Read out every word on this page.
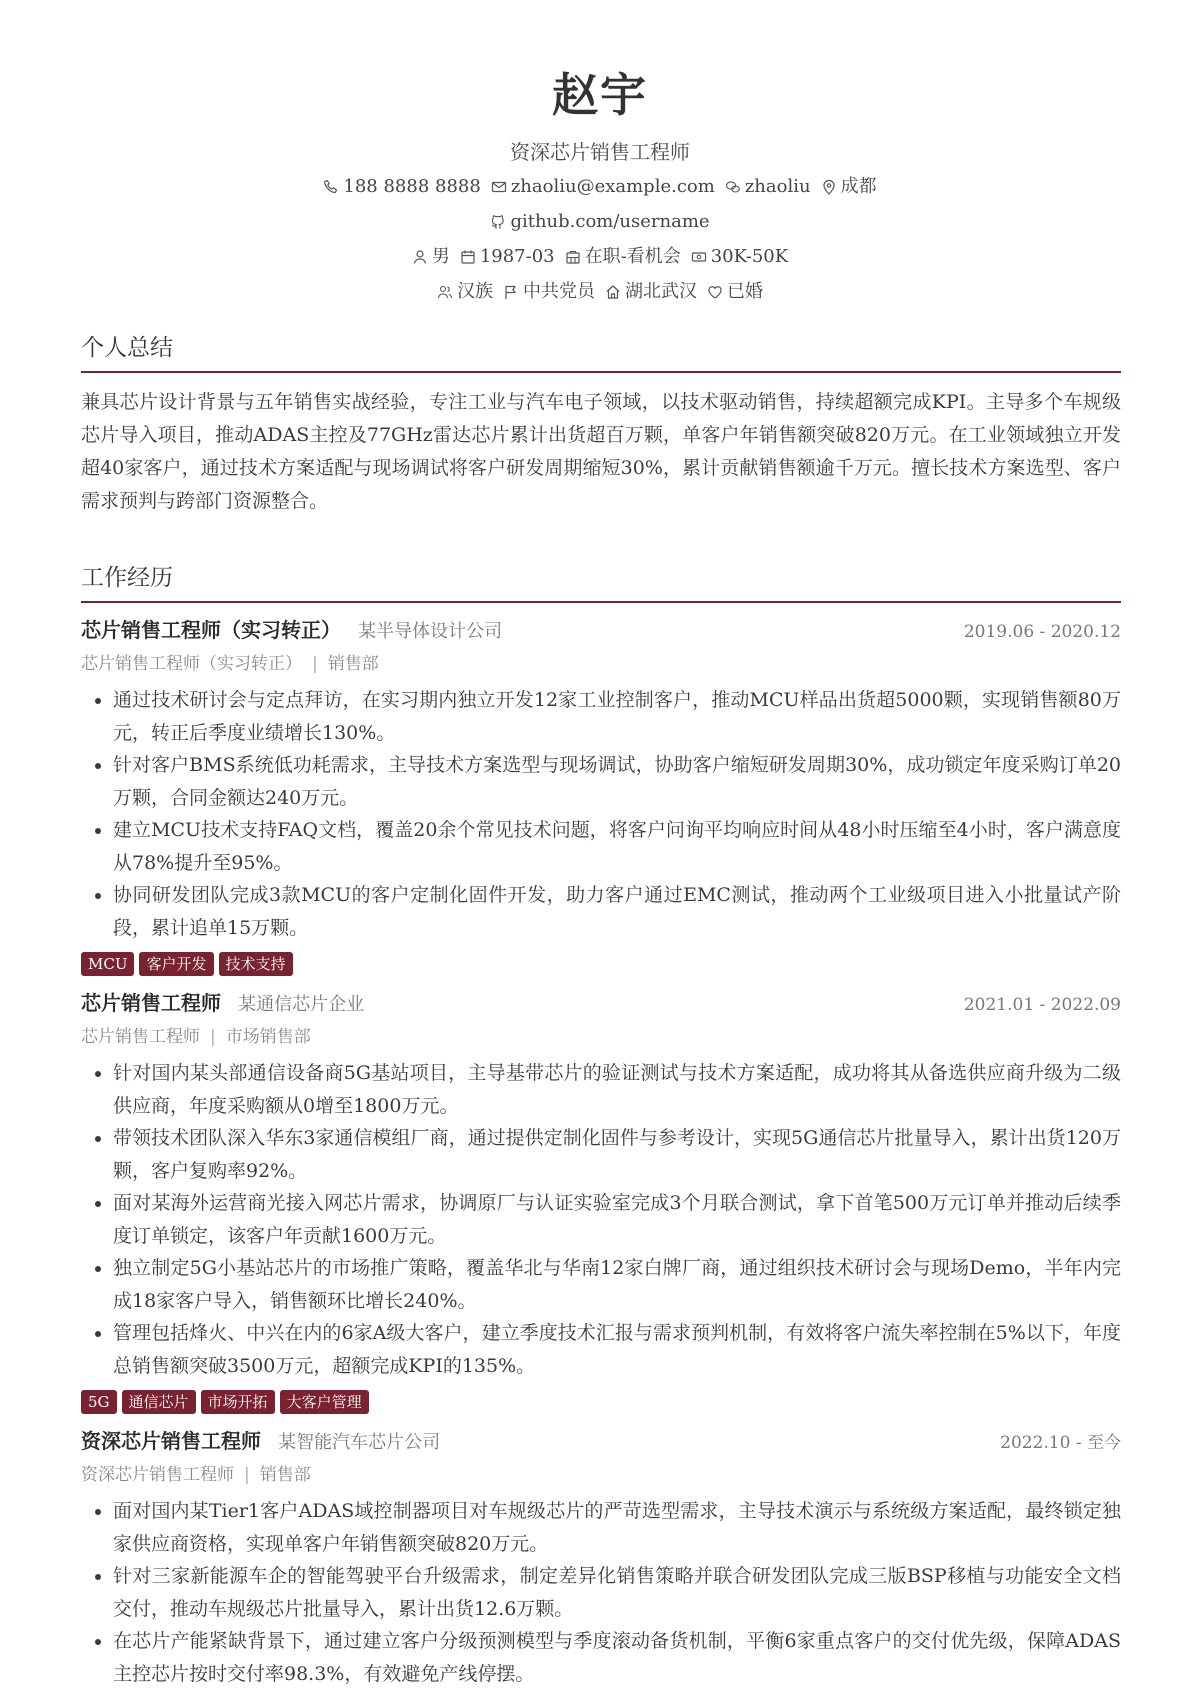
赵宇
资深芯片销售工程师
188 8888 8888 zhaoliu@example.com zhaoliu 成都
github.com/username
男 1987-03 在职-看机会 30K-50K
汉族 中共党员 湖北武汉 已婚
个人总结
兼具芯片设计背景与五年销售实战经验，专注工业与汽车电子领域，以技术驱动销售，持续超额完成KPI。主导多个车规级芯片导入项目，推动ADAS主控及77GHz雷达芯片累计出货超百万颗，单客户年销售额突破820万元。在工业领域独立开发超40家客户，通过技术方案适配与现场调试将客户研发周期缩短30%，累计贡献销售额逾千万元。擅长技术方案选型、客户需求预判与跨部门资源整合。
工作经历
芯片销售工程师（实习转正） 某半导体设计公司	2019.06 - 2020.12
芯片销售工程师（实习转正） | 销售部
• 通过技术研讨会与定点拜访，在实习期内独立开发12家工业控制客户，推动MCU样品出货超5000颗，实现销售额80万元，转正后季度业绩增长130%。
• 针对客户BMS系统低功耗需求，主导技术方案选型与现场调试，协助客户缩短研发周期30%，成功锁定年度采购订单20万颗，合同金额达240万元。
• 建立MCU技术支持FAQ文档，覆盖20余个常见技术问题，将客户问询平均响应时间从48小时压缩至4小时，客户满意度从78%提升至95%。
• 协同研发团队完成3款MCU的客户定制化固件开发，助力客户通过EMC测试，推动两个工业级项目进入小批量试产阶段，累计追单15万颗。
MCU	客户开发	技术支持
芯片销售工程师 某通信芯片企业	2021.01 - 2022.09
芯片销售工程师 | 市场销售部
• 针对国内某头部通信设备商5G基站项目，主导基带芯片的验证测试与技术方案适配，成功将其从备选供应商升级为二级供应商，年度采购额从0增至1800万元。
• 带领技术团队深入华东3家通信模组厂商，通过提供定制化固件与参考设计，实现5G通信芯片批量导入，累计出货120万颗，客户复购率92%。
• 面对某海外运营商光接入网芯片需求，协调原厂与认证实验室完成3个月联合测试，拿下首笔500万元订单并推动后续季度订单锁定，该客户年贡献1600万元。
• 独立制定5G小基站芯片的市场推广策略，覆盖华北与华南12家白牌厂商，通过组织技术研讨会与现场Demo，半年内完成18家客户导入，销售额环比增长240%。
• 管理包括烽火、中兴在内的6家A级大客户，建立季度技术汇报与需求预判机制，有效将客户流失率控制在5%以下，年度总销售额突破3500万元，超额完成KPI的135%。
5G	通信芯片	市场开拓	大客户管理
资深芯片销售工程师 某智能汽车芯片公司	2022.10 - 至今
资深芯片销售工程师 | 销售部
• 面对国内某Tier1客户ADAS域控制器项目对车规级芯片的严苛选型需求，主导技术演示与系统级方案适配，最终锁定独家供应商资格，实现单客户年销售额突破820万元。
• 针对三家新能源车企的智能驾驶平台升级需求，制定差异化销售策略并联合研发团队完成三版BSP移植与功能安全文档交付，推动车规级芯片批量导入，累计出货12.6万颗。
• 在芯片产能紧缺背景下，通过建立客户分级预测模型与季度滚动备货机制，平衡6家重点客户的交付优先级，保障ADAS主控芯片按时交付率98.3%，有效避免产线停摆。
